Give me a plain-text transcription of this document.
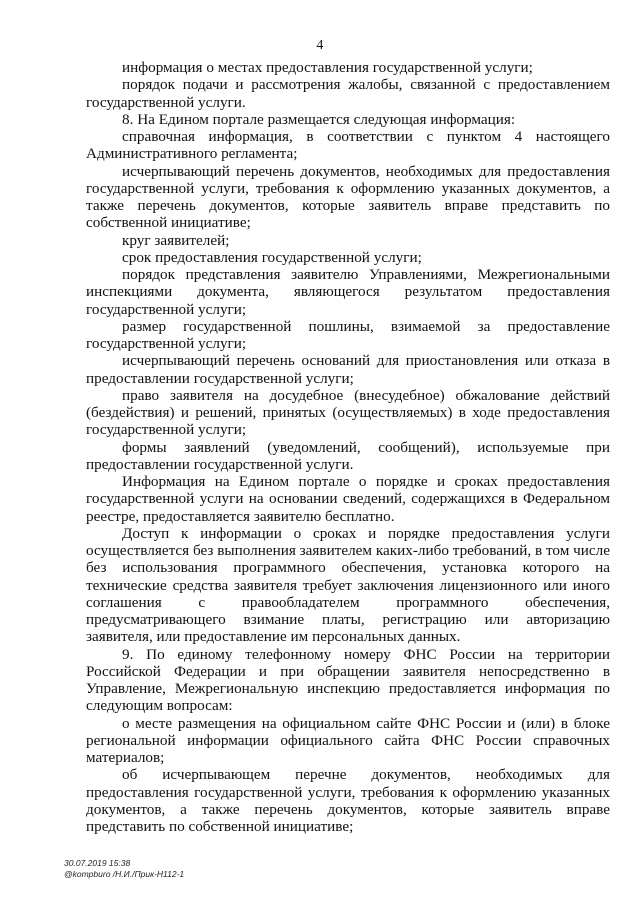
4

информация о местах предоставления государственной услуги;

порядок подачи и рассмотрения жалобы, связанной с предоставлением государственной услуги.

8. На Едином портале размещается следующая информация:

справочная информация, в соответствии с пунктом 4 настоящего Административного регламента;

исчерпывающий перечень документов, необходимых для предоставления государственной услуги, требования к оформлению указанных документов, а также перечень документов, которые заявитель вправе представить по собственной инициативе;

круг заявителей;

срок предоставления государственной услуги;

порядок представления заявителю Управлениями, Межрегиональными инспекциями документа, являющегося результатом предоставления государственной услуги;

размер государственной пошлины, взимаемой за предоставление государственной услуги;

исчерпывающий перечень оснований для приостановления или отказа в предоставлении государственной услуги;

право заявителя на досудебное (внесудебное) обжалование действий (бездействия) и решений, принятых (осуществляемых) в ходе предоставления государственной услуги;

формы заявлений (уведомлений, сообщений), используемые при предоставлении государственной услуги.

Информация на Едином портале о порядке и сроках предоставления государственной услуги на основании сведений, содержащихся в Федеральном реестре, предоставляется заявителю бесплатно.

Доступ к информации о сроках и порядке предоставления услуги осуществляется без выполнения заявителем каких-либо требований, в том числе без использования программного обеспечения, установка которого на технические средства заявителя требует заключения лицензионного или иного соглашения с правообладателем программного обеспечения, предусматривающего взимание платы, регистрацию или авторизацию заявителя, или предоставление им персональных данных.

9. По единому телефонному номеру ФНС России на территории Российской Федерации и при обращении заявителя непосредственно в Управление, Межрегиональную инспекцию предоставляется информация по следующим вопросам:

о месте размещения на официальном сайте ФНС России и (или) в блоке региональной информации официального сайта ФНС России справочных материалов;

об исчерпывающем перечне документов, необходимых для предоставления государственной услуги, требования к оформлению указанных документов, а также перечень документов, которые заявитель вправе представить по собственной инициативе;

30.07.2019 15:38
@kompburo /Н.И./Прик-Н112-1
